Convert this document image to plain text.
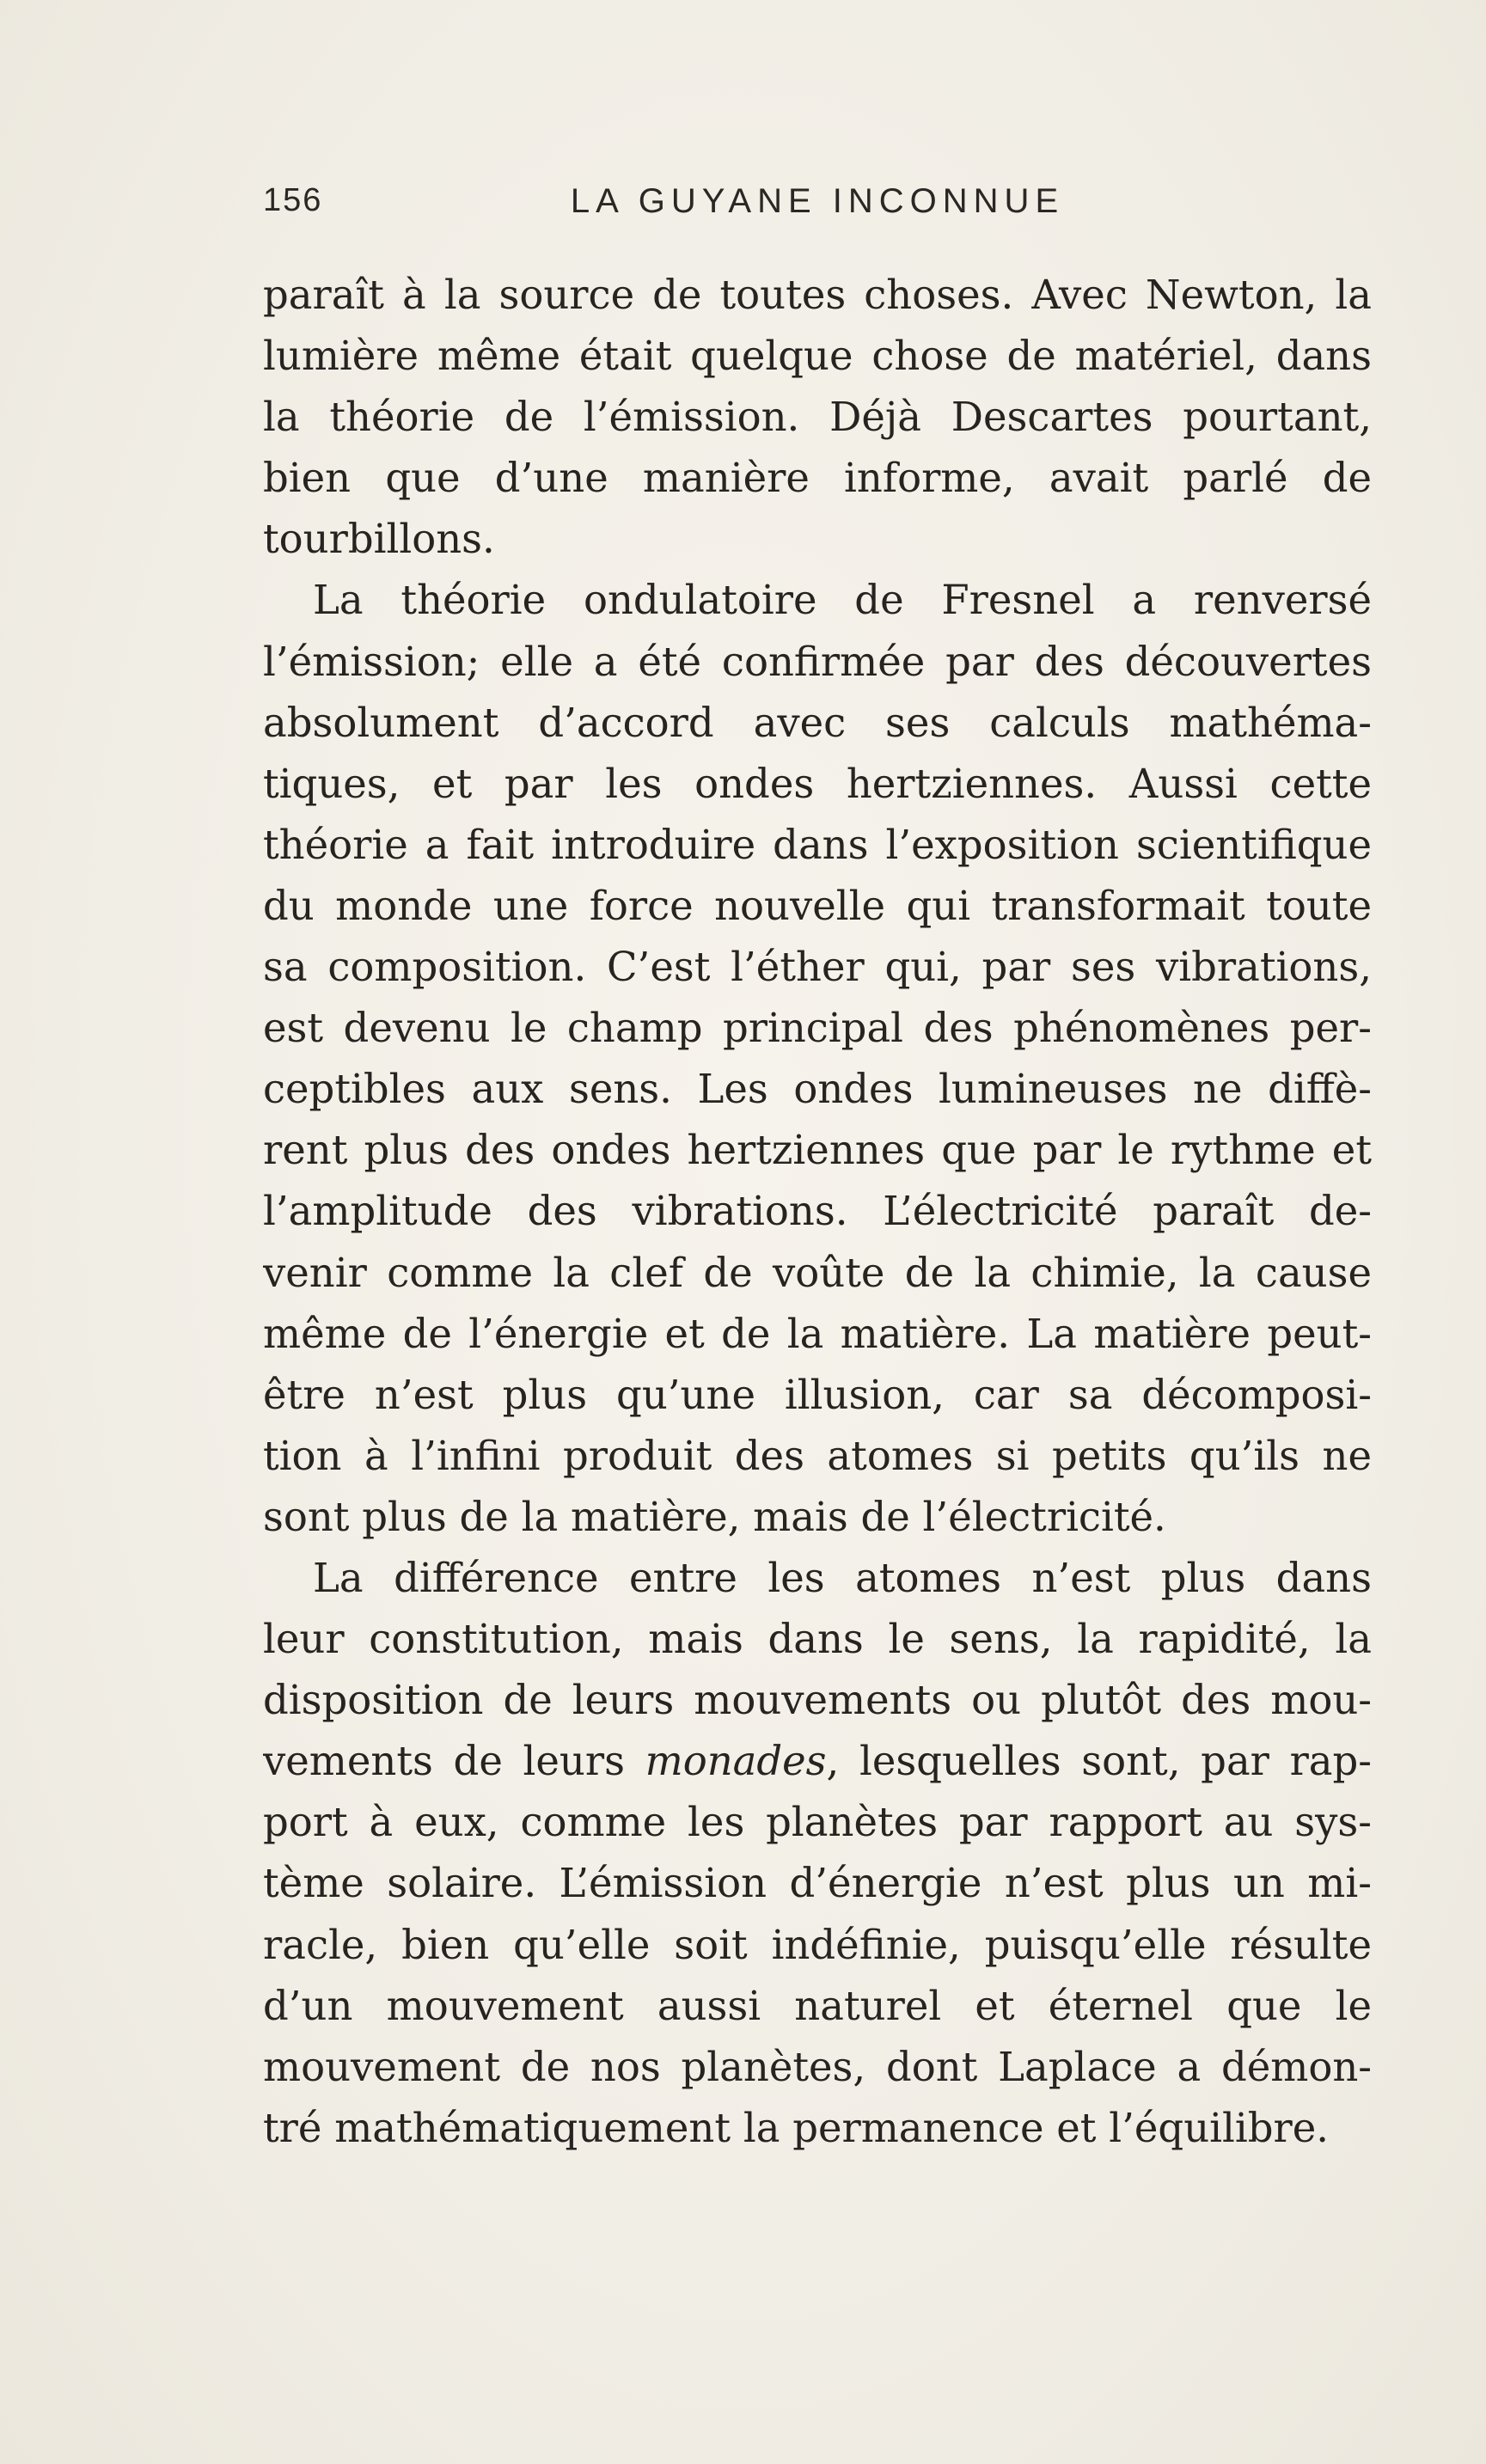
156	LA GUYANE INCONNUE
paraît à la source de toutes choses. Avec Newton, la
lumière même était quelque chose de matériel, dans
la théorie de l’émission. Déjà Descartes pourtant,
bien que d’une manière informe, avait parlé de
tourbillons.
La théorie ondulatoire de Fresnel a renversé
l’émission; elle a été confirmée par des découvertes
absolument d’accord avec ses calculs mathéma-
tiques, et par les ondes hertziennes. Aussi cette
théorie a fait introduire dans l’exposition scientifique
du monde une force nouvelle qui transformait toute
sa composition. C’est l’éther qui, par ses vibrations,
est devenu le champ principal des phénomènes per-
ceptibles aux sens. Les ondes lumineuses ne diffè-
rent plus des ondes hertziennes que par le rythme et
l’amplitude des vibrations. L’électricité paraît de-
venir comme la clef de voûte de la chimie, la cause
même de l’énergie et de la matière. La matière peut-
être n’est plus qu’une illusion, car sa décomposi-
tion à l’infini produit des atomes si petits qu’ils ne
sont plus de la matière, mais de l’électricité.
La différence entre les atomes n’est plus dans
leur constitution, mais dans le sens, la rapidité, la
disposition de leurs mouvements ou plutôt des mou-
vements de leurs monades, lesquelles sont, par rap-
port à eux, comme les planètes par rapport au sys-
tème solaire. L’émission d’énergie n’est plus un mi-
racle, bien qu’elle soit indéfinie, puisqu’elle résulte
d’un mouvement aussi naturel et éternel que le
mouvement de nos planètes, dont Laplace a démon-
tré mathématiquement la permanence et l’équilibre.
